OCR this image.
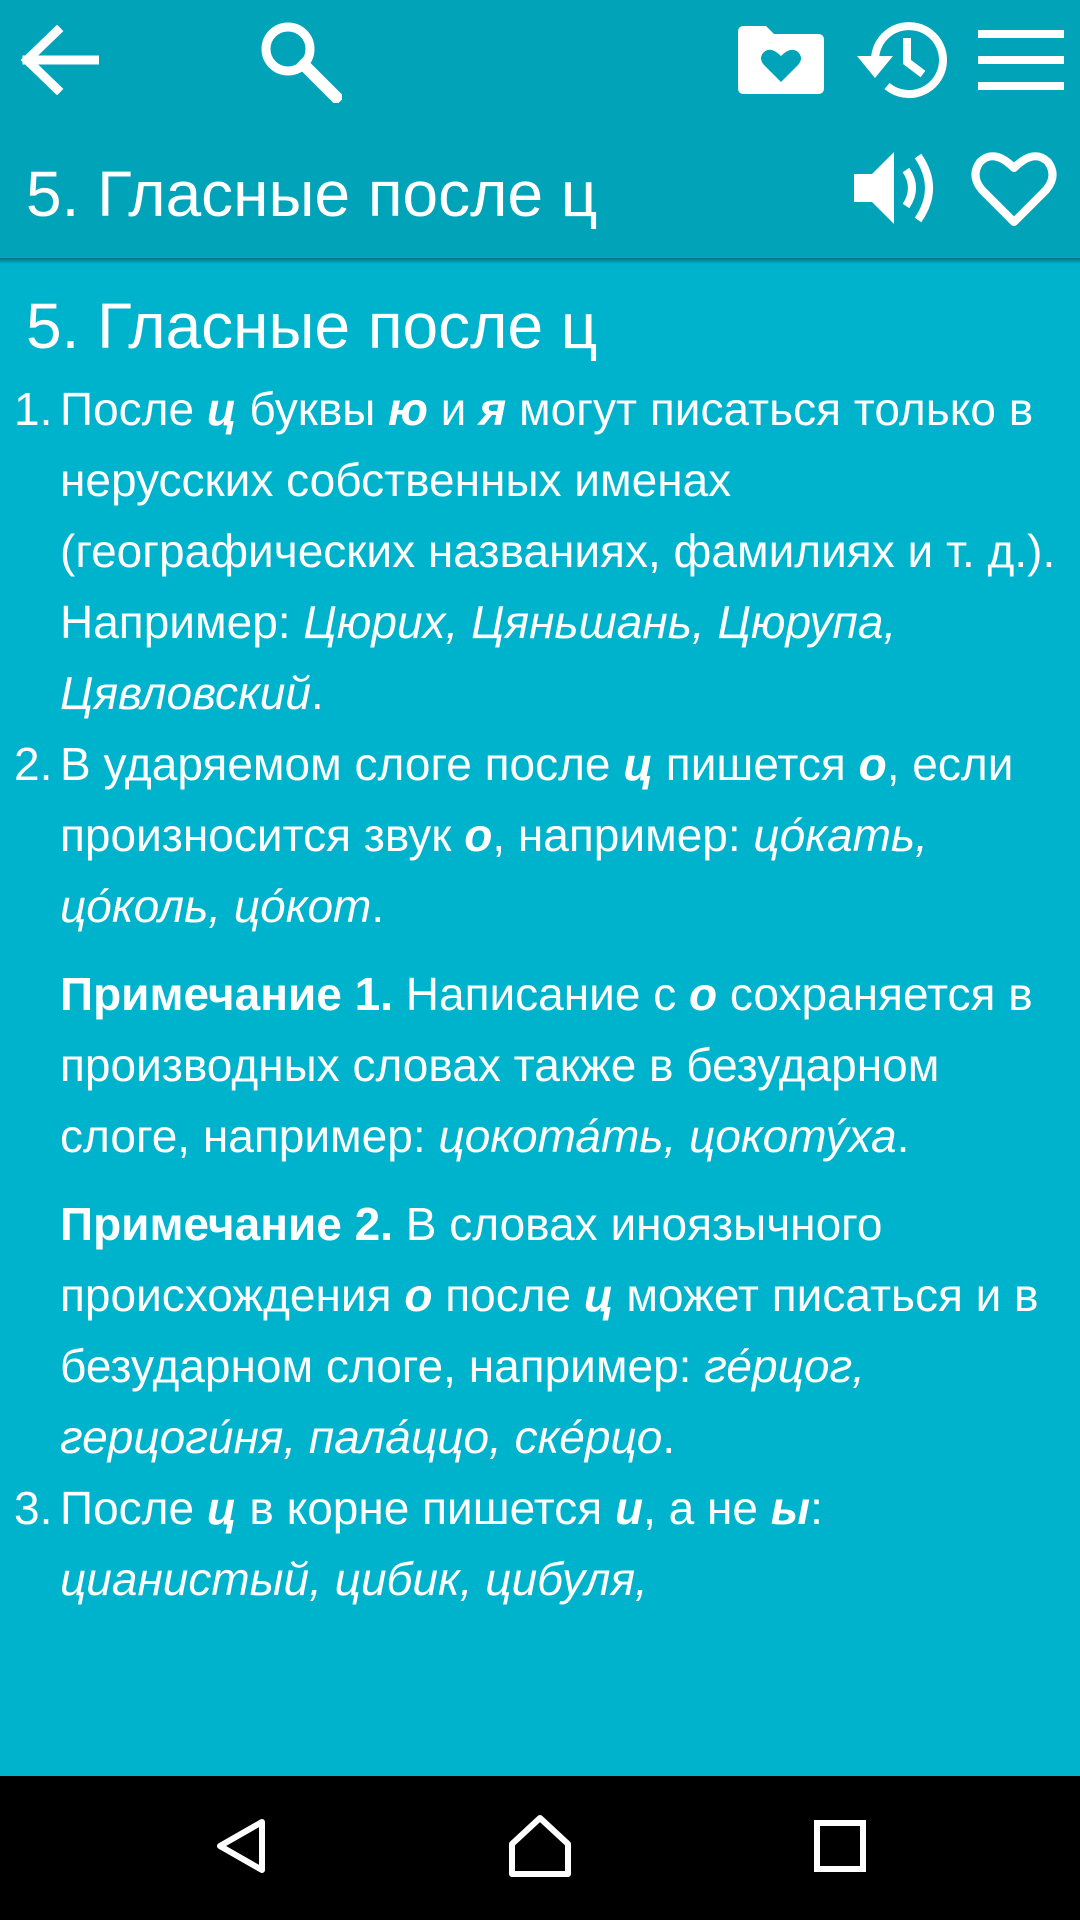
5. Гласные после ц
5. Гласные после ц
1. После ц буквы ю и я могут писаться только в нерусских собственных именах (географических названиях, фамилиях и т. д.). Например: Цюрих, Цяньшань, Цюрупа, Цявловский.
2. В ударяемом слоге после ц пишется о, если произносится звук о, например: цо́кать, цо́коль, цо́кот.
Примечание 1. Написание с о сохраняется в производных словах также в безударном слоге, например: цокота́ть, цокоту́ха.
Примечание 2. В словах иноязычного происхождения о после ц может писаться и в безударном слоге, например: ге́рцог, герцоги́ня, пала́ццо, ске́рцо.
3. После ц в корне пишется и, а не ы: цианистый, цибик, цибуля,
